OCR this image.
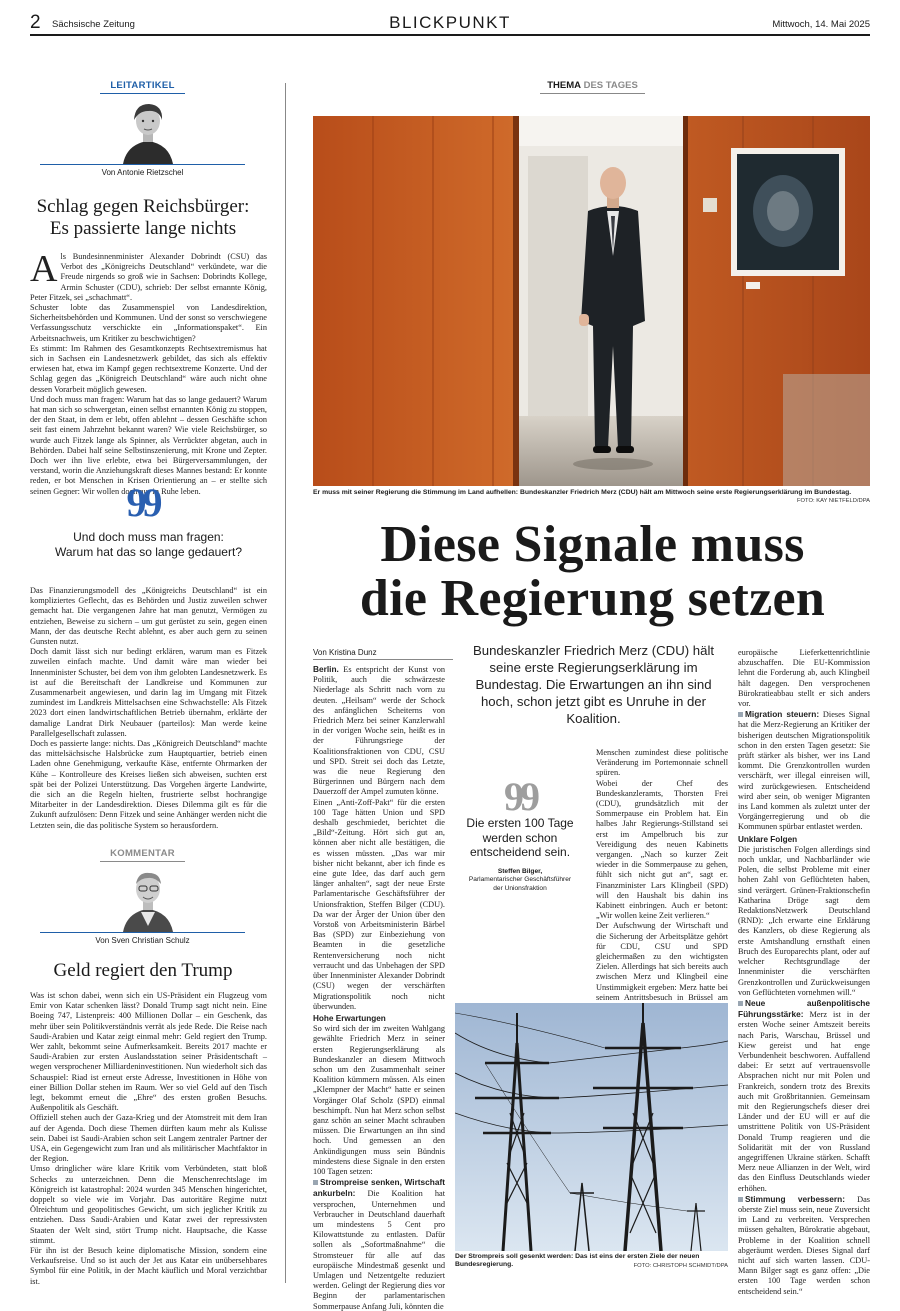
2 Sächsische Zeitung	BLICKPUNKT	Mittwoch, 14. Mai 2025
LEITARTIKEL
Von Antonie Rietzschel
Schlag gegen Reichsbürger:
Es passierte lange nichts

Als Bundesinnenminister Alexander Dobrindt (CSU) das Verbot des „Königreichs Deutschland“ verkündete, war die Freude nirgends so groß wie in Sachsen: Dobrindts Kollege, Armin Schuster (CDU), schrieb: Der selbst ernannte König, Peter Fitzek, sei „schachmatt“.

Schuster lobte das Zusammenspiel von Landesdirektion, Sicherheitsbehörden und Kommunen. Und der sonst so verschwiegene Verfassungsschutz verschickte ein „Informationspaket“. Ein Arbeitsnachweis, um Kritiker zu beschwichtigen?

Es stimmt: Im Rahmen des Gesamtkonzepts Rechtsextremismus hat sich in Sachsen ein Landesnetzwerk gebildet, das sich als effektiv erwiesen hat, etwa im Kampf gegen rechtsextreme Konzerte. Und der Schlag gegen das „Königreich Deutschland“ wäre auch nicht ohne dessen Vorarbeit möglich gewesen.

Und doch muss man fragen: Warum hat das so lange gedauert? Warum hat man sich so schwergetan, einen selbst ernannten König zu stoppen, der den Staat, in dem er lebt, offen ablehnt – dessen Geschäfte schon seit fast einem Jahrzehnt bekannt waren? Wie viele Reichsbürger, so wurde auch Fitzek lange als Spinner, als Verrückter abgetan, auch in Behörden. Dabei half seine Selbstinszenierung, mit Krone und Zepter. Doch wer ihn live erlebte, etwa bei Bürgerversammlungen, der verstand, worin die Anziehungskraft dieses Mannes bestand: Er konnte reden, er bot Menschen in Krisen Orientierung an – er stellte sich seinen Gegner: Wir wollen doch nur in Ruhe leben.

99
Und doch muss man fragen:
Warum hat das so lange gedauert?

Das Finanzierungsmodell des „Königreichs Deutschland“ ist ein kompliziertes Geflecht, das es Behörden und Justiz zuweilen schwer gemacht hat. Die vergangenen Jahre hat man genutzt, Vermögen zu entziehen, Beweise zu sichern – um gut gerüstet zu sein, gegen einen Mann, der das deutsche Recht ablehnt, es aber auch gern zu seinen Gunsten nutzt.

Doch damit lässt sich nur bedingt erklären, warum man es Fitzek zuweilen einfach machte. Und damit wäre man wieder bei Innenminister Schuster, bei dem von ihm gelobten Landesnetzwerk. Es ist auf die Bereitschaft der Landkreise und Kommunen zur Zusammenarbeit angewiesen, und darin lag im Umgang mit Fitzek zumindest im Landkreis Mittelsachsen eine Schwachstelle: Als Fitzek 2023 dort einen landwirtschaftlichen Betrieb übernahm, erklärte der damalige Landrat Dirk Neubauer (parteilos): Man werde keine Parallelgesellschaft zulassen.

Doch es passierte lange: nichts. Das „Königreich Deutschland“ machte das mittelsächsische Halsbrücke zum Hauptquartier, betrieb einen Laden ohne Genehmigung, verkaufte Käse, entfernte Ohrmarken der Kühe – Kontrolleure des Kreises ließen sich abweisen, suchten erst spät bei der Polizei Unterstützung. Das Vorgehen ärgerte Landwirte, die sich an die Regeln hielten, frustrierte selbst hochrangige Mitarbeiter in der Landesdirektion. Dieses Dilemma gilt es für die Zukunft aufzulösen: Denn Fitzek und seine Anhänger werden nicht die Letzten sein, die das politische System so herausfordern.

KOMMENTAR
Von Sven Christian Schulz
Geld regiert den Trump

Was ist schon dabei, wenn sich ein US-Präsident ein Flugzeug vom Emir von Katar schenken lässt? Donald Trump sagt nicht nein. Eine Boeing 747, Listenpreis: 400 Millionen Dollar – ein Geschenk, das mehr über sein Politikverständnis verrät als jede Rede. Die Reise nach Saudi-Arabien und Katar zeigt einmal mehr: Geld regiert den Trump. Wer zahlt, bekommt seine Aufmerksamkeit. Bereits 2017 machte er Saudi-Arabien zur ersten Auslandsstation seiner Präsidentschaft – wegen versprochener Milliardeninvestitionen. Nun wiederholt sich das Schauspiel: Riad ist erneut erste Adresse, Investitionen in Höhe von einer Billion Dollar stehen im Raum. Wer so viel Geld auf den Tisch legt, bekommt erneut die „Ehre“ des ersten großen Besuchs. Außenpolitik als Geschäft.

Offiziell stehen auch der Gaza-Krieg und der Atomstreit mit dem Iran auf der Agenda. Doch diese Themen dürften kaum mehr als Kulisse sein. Dabei ist Saudi-Arabien schon seit Langem zentraler Partner der USA, ein Gegengewicht zum Iran und als militärischer Machtfaktor in der Region.

Umso dringlicher wäre klare Kritik vom Verbündeten, statt bloß Schecks zu unterzeichnen. Denn die Menschenrechtslage im Königreich ist katastrophal: 2024 wurden 345 Menschen hingerichtet, doppelt so viele wie im Vorjahr. Das autoritäre Regime nutzt Ölreichtum und geopolitisches Gewicht, um sich jeglicher Kritik zu entziehen. Dass Saudi-Arabien und Katar zwei der repressivsten Staaten der Welt sind, stört Trump nicht. Hauptsache, die Kasse stimmt.

Für ihn ist der Besuch keine diplomatische Mission, sondern eine Verkaufsreise. Und so ist auch der Jet aus Katar ein unübersehbares Symbol für eine Politik, in der Macht käuflich und Moral verzichtbar ist.

THEMA DES TAGES
Er muss mit seiner Regierung die Stimmung im Land aufhellen: Bundeskanzler Friedrich Merz (CDU) hält am Mittwoch seine erste Regierungserklärung im Bundestag.
FOTO: KAY NIETFELD/DPA
Diese Signale muss
die Regierung setzen
Von Kristina Dunz	Bundeskanzler Friedrich Merz (CDU) hält seine erste Regierungserklärung im Bundestag. Die Erwartungen an ihn sind hoch, schon jetzt gibt es Unruhe in der Koalition.

Berlin. Es entspricht der Kunst von Politik, auch die schwärzeste Niederlage als Schritt nach vorn zu deuten. „Heilsam“ werde der Schock des anfänglichen Scheiterns von Friedrich Merz bei seiner Kanzlerwahl in der vorigen Woche sein, heißt es in der Führungsriege der Koalitionsfraktionen von CDU, CSU und SPD. Streit sei doch das Letzte, was die neue Regierung den Bürgerinnen und Bürgern nach dem Dauerzoff der Ampel zumuten könne.

Einen „Anti-Zoff-Pakt“ für die ersten 100 Tage hätten Union und SPD deshalb geschmiedet, berichtet die „Bild“-Zeitung. Hört sich gut an, können aber nicht alle bestätigen, die es wissen müssten. „Das war mir bisher nicht bekannt, aber ich finde es eine gute Idee, das darf auch gern länger anhalten“, sagt der neue Erste Parlamentarische Geschäftsführer der Unionsfraktion, Steffen Bilger (CDU). Da war der Ärger der Union über den Vorstoß von Arbeitsministerin Bärbel Bas (SPD) zur Einbeziehung von Beamten in die gesetzliche Rentenversicherung noch nicht verraucht und das Unbehagen der SPD über Innenminister Alexander Dobrindt (CSU) wegen der verschärften Migrationspolitik noch nicht überwunden.

Hohe Erwartungen

So wird sich der im zweiten Wahlgang gewählte Friedrich Merz in seiner ersten Regierungserklärung als Bundeskanzler an diesem Mittwoch schon um den Zusammenhalt seiner Koalition kümmern müssen. Als einen „Klempner der Macht“ hatte er seinen Vorgänger Olaf Scholz (SPD) einmal beschimpft. Nun hat Merz schon selbst ganz schön an seiner Macht schrauben müssen. Die Erwartungen an ihn sind hoch. Und gemessen an den Ankündigungen muss sein Bündnis mindestens diese Signale in den ersten 100 Tagen setzen:

Strompreise senken, Wirtschaft ankurbeln: Die Koalition hat versprochen, Unternehmen und Verbraucher in Deutschland dauerhaft um mindestens 5 Cent pro Kilowattstunde zu entlasten. Dafür sollen als „Sofortmaßnahme“ die Stromsteuer für alle auf das europäische Mindestmaß gesenkt und Umlagen und Netzentgelte reduziert werden. Gelingt der Regierung dies vor Beginn der parlamentarischen Sommerpause Anfang Juli, könnten die

99
Die ersten 100 Tage
werden schon
entscheidend sein.
Steffen Bilger,
Parlamentarischer Geschäftsführer
der Unionsfraktion

Menschen zumindest diese politische Veränderung im Portemonnaie schnell spüren.

Wobei der Chef des Bundeskanzleramts, Thorsten Frei (CDU), grundsätzlich mit der Sommerpause ein Problem hat. Ein halbes Jahr Regierungs-Stillstand sei erst im Ampelbruch bis zur Vereidigung des neuen Kabinetts vergangen. „Nach so kurzer Zeit wieder in die Sommerpause zu gehen, fühlt sich nicht gut an“, sagt er. Finanzminister Lars Klingbeil (SPD) will den Haushalt bis dahin ins Kabinett einbringen. Auch er betont: „Wir wollen keine Zeit verlieren.“

Der Aufschwung der Wirtschaft und die Sicherung der Arbeitsplätze gehört für CDU, CSU und SPD gleichermaßen zu den wichtigsten Zielen. Allerdings hat sich bereits auch zwischen Merz und Klingbeil eine Unstimmigkeit ergeben: Merz hatte bei seinem Antrittsbesuch in Brüssel am

europäische Lieferkettenrichtlinie abzuschaffen. Die EU-Kommission lehnt die Forderung ab, auch Klingbeil hält dagegen. Den versprochenen Bürokratieabbau stellt er sich anders vor.

Migration steuern: Dieses Signal hat die Merz-Regierung an Kritiker der bisherigen deutschen Migrationspolitik schon in den ersten Tagen gesetzt: Sie prüft stärker als bisher, wer ins Land kommt. Die Grenzkontrollen wurden verschärft, wer illegal einreisen will, wird zurückgewiesen. Entscheidend wird aber sein, ob weniger Migranten ins Land kommen als zuletzt unter der Vorgängerregierung und ob die Kommunen spürbar entlastet werden.

Unklare Folgen

Die juristischen Folgen allerdings sind noch unklar, und Nachbarländer wie Polen, die selbst Probleme mit einer hohen Zahl von Geflüchteten haben, sind verärgert. Grünen-Fraktionschefin Katharina Dröge sagt dem RedaktionsNetzwerk Deutschland (RND): „Ich erwarte eine Erklärung des Kanzlers, ob diese Regierung als erste Amtshandlung ernsthaft einen Bruch des Europarechts plant, oder auf welcher Rechtsgrundlage der Innenminister die verschärften Grenzkontrollen und Zurückweisungen von Geflüchteten vornehmen will.“

Neue außenpolitische Führungsstärke: Merz ist in der ersten Woche seiner Amtszeit bereits nach Paris, Warschau, Brüssel und Kiew gereist und hat enge Verbundenheit beschworen. Auffallend dabei: Er setzt auf vertrauensvolle Absprachen nicht nur mit Polen und Frankreich, sondern trotz des Brexits auch mit Großbritannien. Gemeinsam mit den Regierungschefs dieser drei Länder und der EU will er auf die umstrittene Politik von US-Präsident Donald Trump reagieren und die Solidarität mit der von Russland angegriffenen Ukraine stärken. Schafft Merz neue Allianzen in der Welt, wird das den Einfluss Deutschlands wieder erhöhen.

Stimmung verbessern: Das oberste Ziel muss sein, neue Zuversicht im Land zu verbreiten. Versprechen müssen gehalten, Bürokratie abgebaut, Probleme in der Koalition schnell abgeräumt werden. Dieses Signal darf nicht auf sich warten lassen. CDU-Mann Bilger sagt es ganz offen: „Die ersten 100 Tage werden schon entscheidend sein.“

Der Strompreis soll gesenkt werden: Das ist eins der ersten Ziele der neuen Bundesregierung.	FOTO: CHRISTOPH SCHMIDT/DPA
